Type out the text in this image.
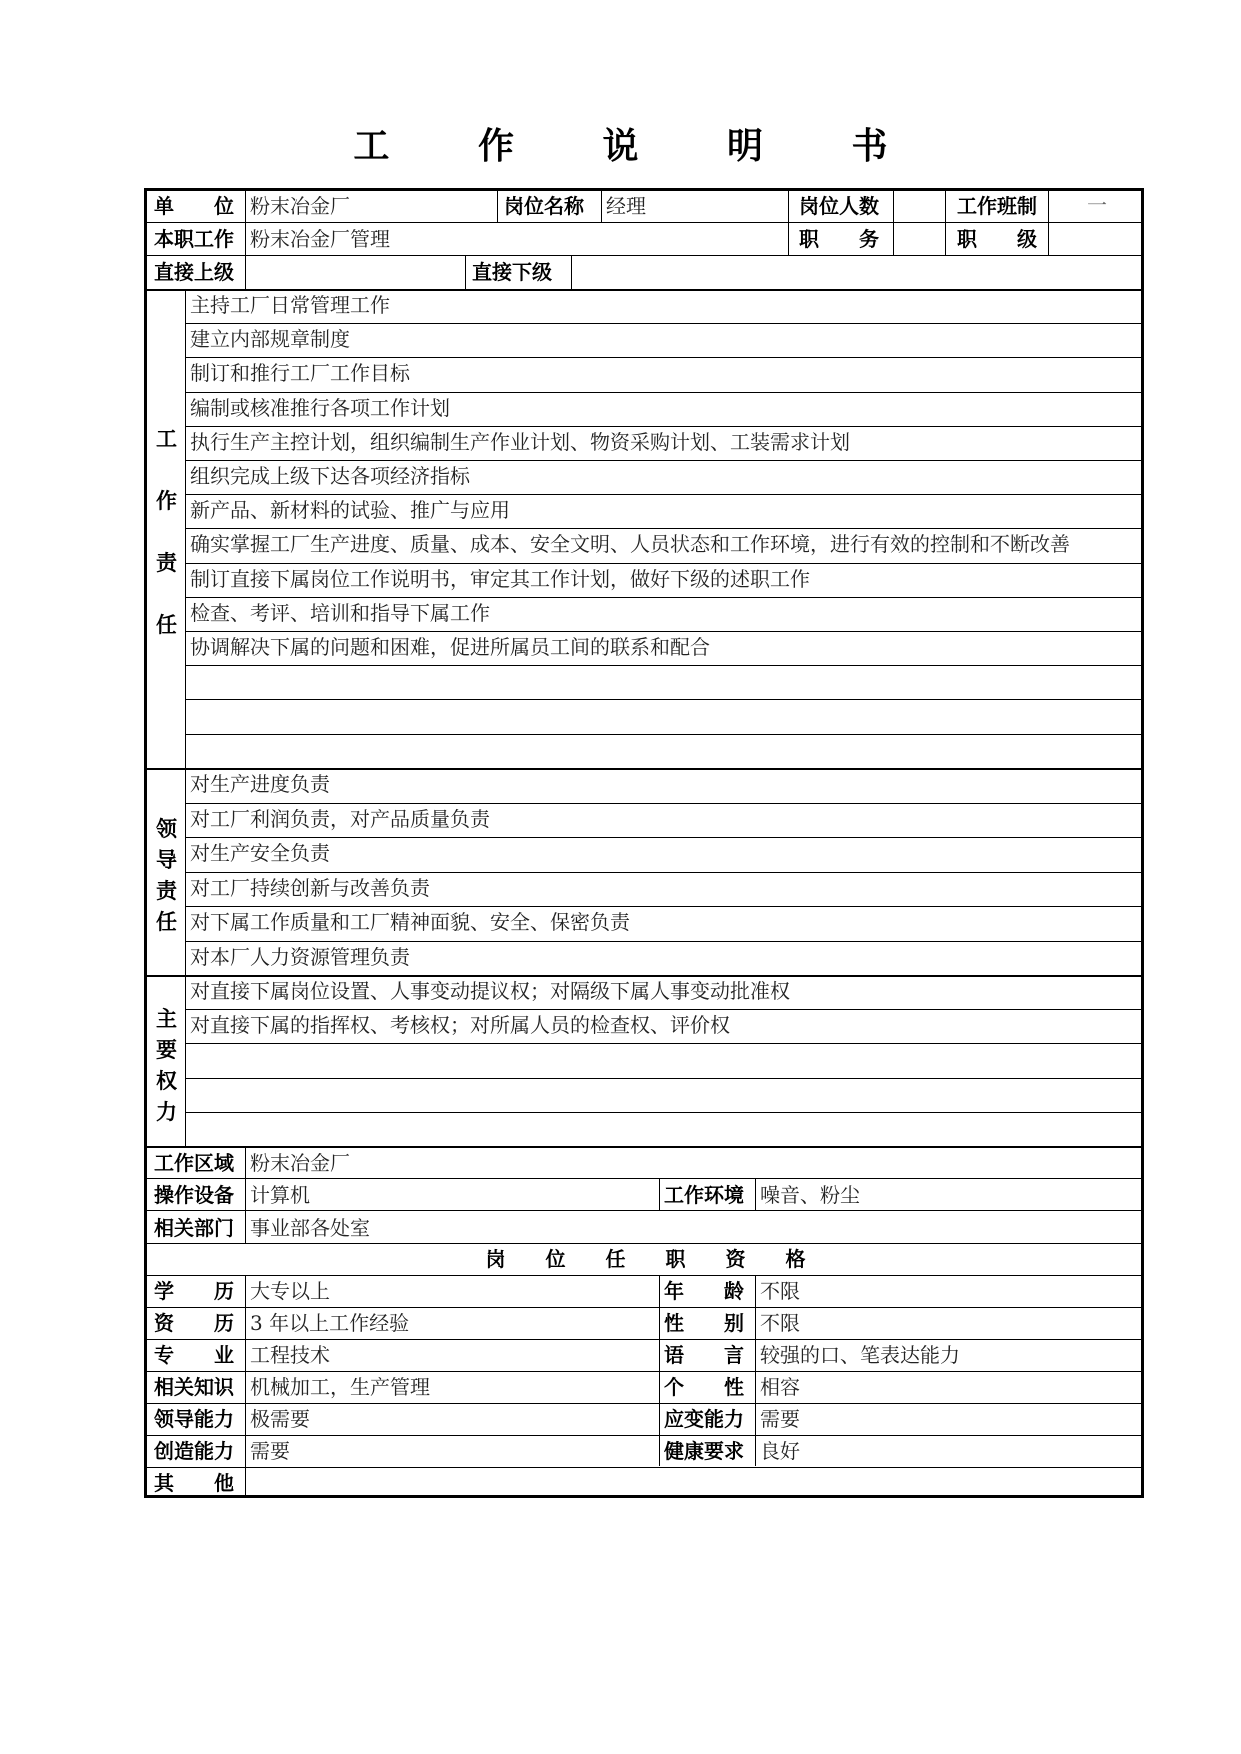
工 作 说 明 书
单　　位 粉末冶金厂	岗位名称 经理	岗位人数	工作班制	一
本职工作 粉末冶金厂管理	职　　务	职　　级
直接上级	直接下级
工
作
责
任
主持工厂日常管理工作
建立内部规章制度
制订和推行工厂工作目标
编制或核准推行各项工作计划
执行生产主控计划，组织编制生产作业计划、物资采购计划、工装需求计划
组织完成上级下达各项经济指标
新产品、新材料的试验、推广与应用
确实掌握工厂生产进度、质量、成本、安全文明、人员状态和工作环境，进行有效的控制和不断改善
制订直接下属岗位工作说明书，审定其工作计划，做好下级的述职工作
检查、考评、培训和指导下属工作
协调解决下属的问题和困难，促进所属员工间的联系和配合
领
导
责
任
对生产进度负责
对工厂利润负责，对产品质量负责
对生产安全负责
对工厂持续创新与改善负责
对下属工作质量和工厂精神面貌、安全、保密负责
对本厂人力资源管理负责
主
要
权
力
对直接下属岗位设置、人事变动提议权；对隔级下属人事变动批准权
对直接下属的指挥权、考核权；对所属人员的检查权、评价权
工作区域 粉末冶金厂
操作设备 计算机	工作环境 噪音、粉尘
相关部门 事业部各处室
岗　　位　　任　　职　　资　　格
学　　历 大专以上	年　　龄 不限
资　　历 3 年以上工作经验	性　　别 不限
专　　业 工程技术	语　　言 较强的口、笔表达能力
相关知识 机械加工，生产管理	个　　性 相容
领导能力 极需要	应变能力 需要
创造能力 需要	健康要求 良好
其　　他
